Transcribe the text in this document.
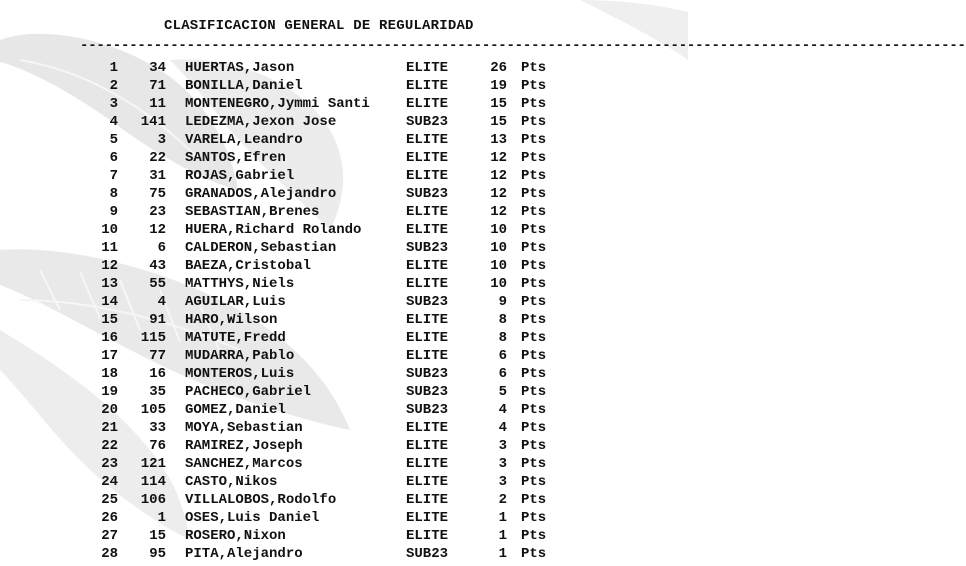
CLASIFICACION GENERAL DE REGULARIDAD
------------------------------------------------------------------------------------------------------------
1 34 HUERTAS,Jason	ELITE	26 Pts
2 71 BONILLA,Daniel	ELITE	19 Pts
3 11 MONTENEGRO,Jymmi Santi	ELITE	15 Pts
4 141 LEDEZMA,Jexon Jose	SUB23	15 Pts
5	3 VARELA,Leandro	ELITE	13 Pts
6 22 SANTOS,Efren	ELITE	12 Pts
7 31 ROJAS,Gabriel	ELITE	12 Pts
8 75 GRANADOS,Alejandro	SUB23	12 Pts
9 23 SEBASTIAN,Brenes	ELITE	12 Pts
10 12 HUERA,Richard Rolando	ELITE	10 Pts
11	6 CALDERON,Sebastian	SUB23	10 Pts
12 43 BAEZA,Cristobal	ELITE	10 Pts
13 55 MATTHYS,Niels	ELITE	10 Pts
14	4 AGUILAR,Luis	SUB23	9 Pts
15 91 HARO,Wilson	ELITE	8 Pts
16 115 MATUTE,Fredd	ELITE	8 Pts
17 77 MUDARRA,Pablo	ELITE	6 Pts
18 16 MONTEROS,Luis	SUB23	6 Pts
19 35 PACHECO,Gabriel	SUB23	5 Pts
20 105 GOMEZ,Daniel	SUB23	4 Pts
21 33 MOYA,Sebastian	ELITE	4 Pts
22 76 RAMIREZ,Joseph	ELITE	3 Pts
23 121 SANCHEZ,Marcos	ELITE	3 Pts
24 114 CASTO,Nikos	ELITE	3 Pts
25 106 VILLALOBOS,Rodolfo	ELITE	2 Pts
26	1 OSES,Luis Daniel	ELITE	1 Pts
27 15 ROSERO,Nixon	ELITE	1 Pts
28 95 PITA,Alejandro	SUB23	1 Pts
